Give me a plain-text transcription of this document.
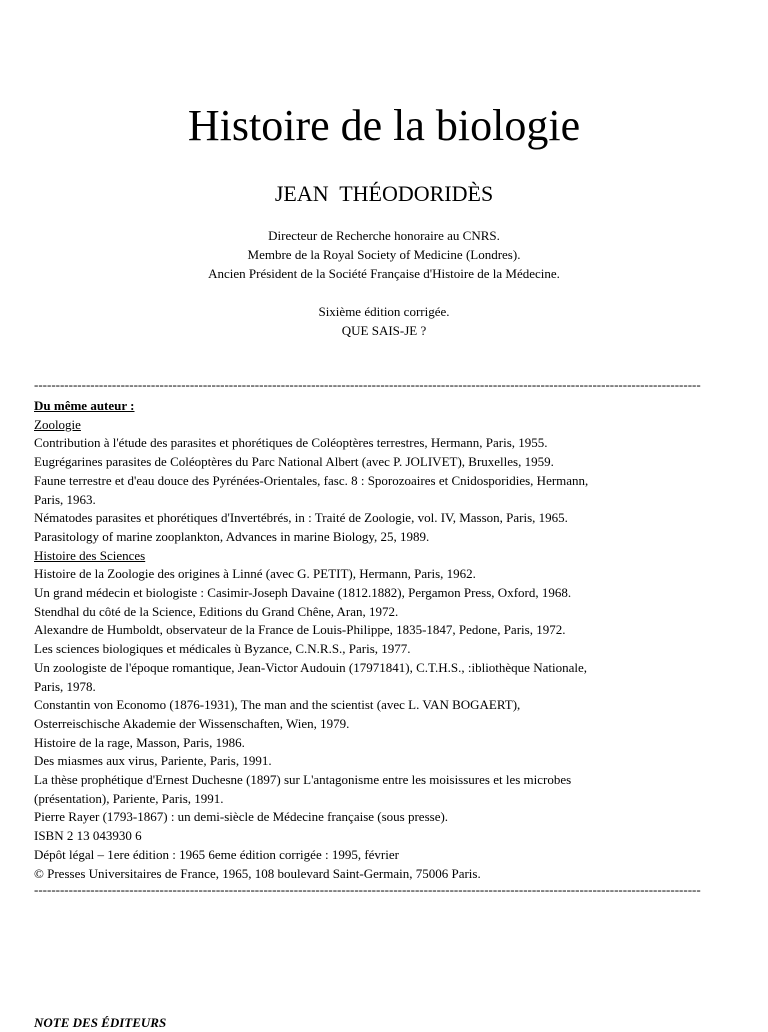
Histoire de la biologie
JEAN  THÉODORIDÈS
Directeur de Recherche honoraire au CNRS.
Membre de la Royal Society of Medicine (Londres).
Ancien Président de la Société Française d'Histoire de la Médecine.
Sixième édition corrigée.
QUE SAIS-JE ?
----------------------------------------------------------------------------------------------------------------------------------------------------------
Du même auteur :
Zoologie
Contribution à l'étude des parasites et phorétiques de Coléoptères terrestres, Hermann, Paris, 1955.
Eugrégarines parasites de Coléoptères du Parc National Albert (avec P. JOLIVET), Bruxelles, 1959.
Faune terrestre et d'eau douce des Pyrénées-Orientales, fasc. 8 : Sporozoaires et Cnidosporidies, Hermann,
Paris, 1963.
Nématodes parasites et phorétiques d'Invertébrés, in : Traité de Zoologie, vol. IV, Masson, Paris, 1965.
Parasitology of marine zooplankton, Advances in marine Biology, 25, 1989.
Histoire des Sciences
Histoire de la Zoologie des origines à Linné (avec G. PETIT), Hermann, Paris, 1962.
Un grand médecin et biologiste : Casimir-Joseph Davaine (1812.1882), Pergamon Press, Oxford, 1968.
Stendhal du côté de la Science, Editions du Grand Chêne, Aran, 1972.
Alexandre de Humboldt, observateur de la France de Louis-Philippe, 1835-1847, Pedone, Paris, 1972.
Les sciences biologiques et médicales ù Byzance, C.N.R.S., Paris, 1977.
Un zoologiste de l'époque romantique, Jean-Victor Audouin (17971841), C.T.H.S., :ibliothèque Nationale,
Paris, 1978.
Constantin von Economo (1876-1931), The man and the scientist (avec L. VAN BOGAERT),
Osterreischische Akademie der Wissenschaften, Wien, 1979.
Histoire de la rage, Masson, Paris, 1986.
Des miasmes aux virus, Pariente, Paris, 1991.
La thèse prophétique d'Ernest Duchesne (1897) sur L'antagonisme entre les moisissures et les microbes
(présentation), Pariente, Paris, 1991.
Pierre Rayer (1793-1867) : un demi-siècle de Médecine française (sous presse).
ISBN 2 13 043930 6
Dépôt légal – 1ere édition : 1965 6eme édition corrigée : 1995, février
© Presses Universitaires de France, 1965, 108 boulevard Saint-Germain, 75006 Paris.
----------------------------------------------------------------------------------------------------------------------------------------------------------
NOTE DES ÉDITEURS
